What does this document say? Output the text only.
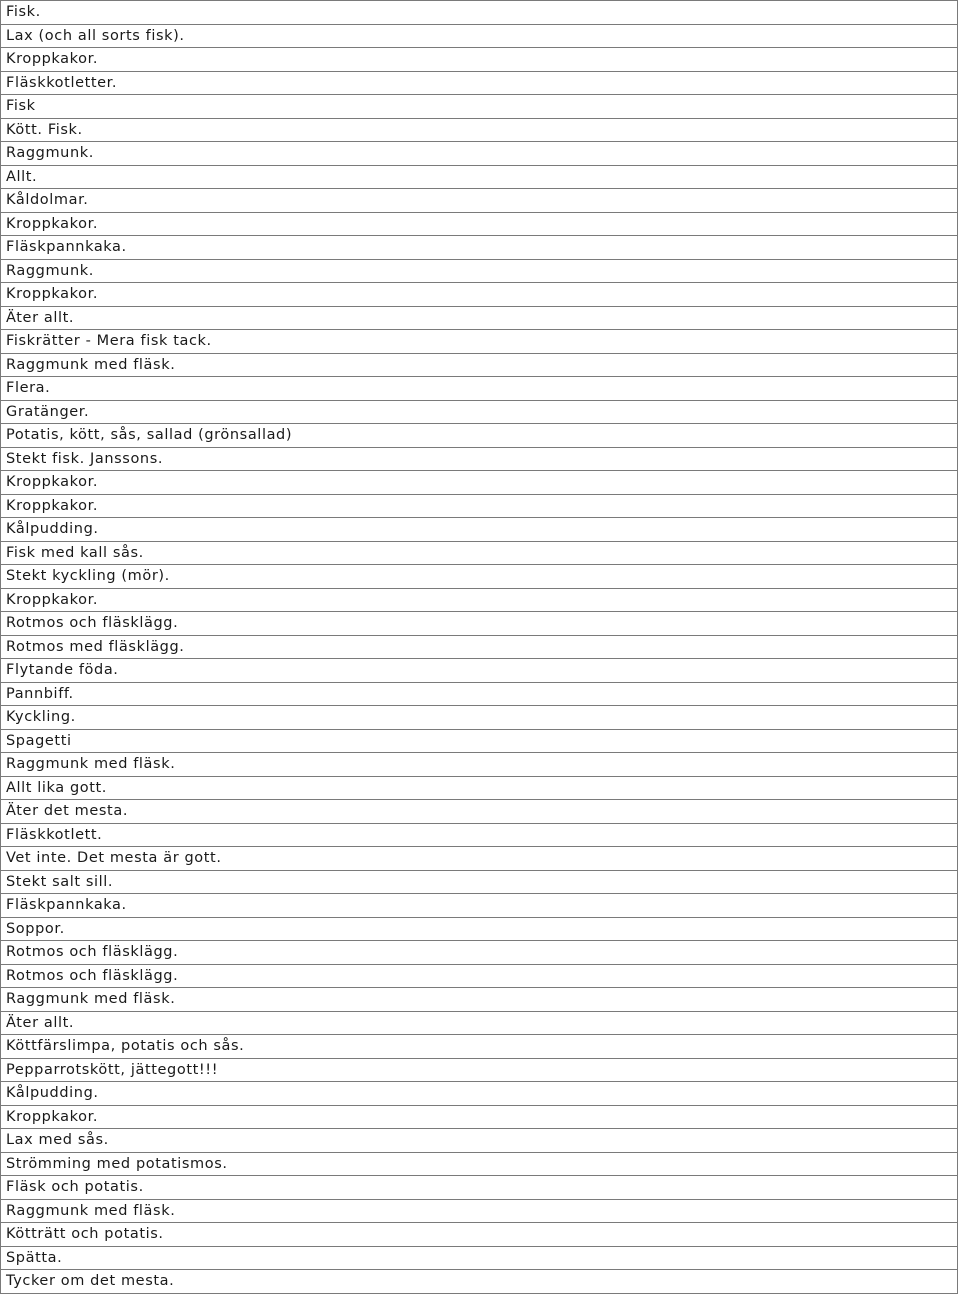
Fisk.
Lax (och all sorts fisk).
Kroppkakor.
Fläskkotletter.
Fisk
Kött. Fisk.
Raggmunk.
Allt.
Kåldolmar.
Kroppkakor.
Fläskpannkaka.
Raggmunk.
Kroppkakor.
Äter allt.
Fiskrätter - Mera fisk tack.
Raggmunk med fläsk.
Flera.
Gratänger.
Potatis, kött, sås, sallad (grönsallad)
Stekt fisk. Janssons.
Kroppkakor.
Kroppkakor.
Kålpudding.
Fisk med kall sås.
Stekt kyckling (mör).
Kroppkakor.
Rotmos och fläsklägg.
Rotmos med fläsklägg.
Flytande föda.
Pannbiff.
Kyckling.
Spagetti
Raggmunk med fläsk.
Allt lika gott.
Äter det mesta.
Fläskkotlett.
Vet inte. Det mesta är gott.
Stekt salt sill.
Fläskpannkaka.
Soppor.
Rotmos och fläsklägg.
Rotmos och fläsklägg.
Raggmunk med fläsk.
Äter allt.
Köttfärslimpa, potatis och sås.
Pepparrotskött, jättegott!!!
Kålpudding.
Kroppkakor.
Lax med sås.
Strömming med potatismos.
Fläsk och potatis.
Raggmunk med fläsk.
Kötträtt och potatis.
Spätta.
Tycker om det mesta.
